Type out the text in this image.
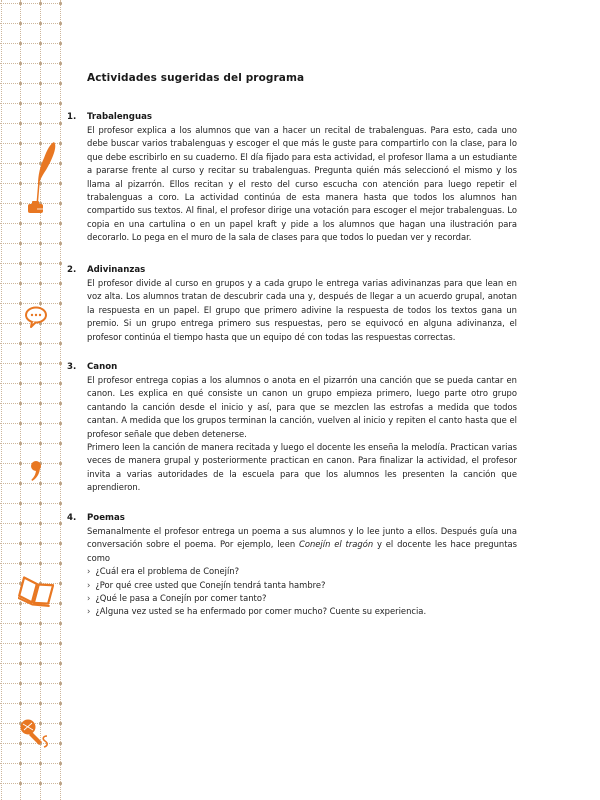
Actividades sugeridas del programa
1.	Trabalenguas

El profesor explica a los alumnos que van a hacer un recital de trabalenguas. Para esto, cada uno debe buscar varios trabalenguas y escoger el que más le guste para compartirlo con la clase, para lo que debe escribirlo en su cuaderno. El día fijado para esta actividad, el profesor llama a un estudiante a pararse frente al curso y recitar su trabalenguas. Pregunta quién más seleccionó el mismo y los llama al pizarrón. Ellos recitan y el resto del curso escucha con atención para luego repetir el trabalenguas a coro. La actividad continúa de esta manera hasta que todos los alumnos han compartido sus textos. Al final, el profesor dirige una votación para escoger el mejor trabalenguas. Lo copia en una cartulina o en un papel kraft y pide a los alumnos que hagan una ilustración para decorarlo. Lo pega en el muro de la sala de clases para que todos lo puedan ver y recordar.

2.	Adivinanzas

El profesor divide al curso en grupos y a cada grupo le entrega varias adivinanzas para que lean en voz alta. Los alumnos tratan de descubrir cada una y, después de llegar a un acuerdo grupal, anotan la respuesta en un papel. El grupo que primero adivine la respuesta de todos los textos gana un premio. Si un grupo entrega primero sus respuestas, pero se equivocó en alguna adivinanza, el profesor continúa el tiempo hasta que un equipo dé con todas las respuestas correctas.

3.	Canon

El profesor entrega copias a los alumnos o anota en el pizarrón una canción que se pueda cantar en canon. Les explica en qué consiste un canon un grupo empieza primero, luego parte otro grupo cantando la canción desde el inicio y así, para que se mezclen las estrofas a medida que todos cantan. A medida que los grupos terminan la canción, vuelven al inicio y repiten el canto hasta que el profesor señale que deben detenerse.

Primero leen la canción de manera recitada y luego el docente les enseña la melodía. Practican varias veces de manera grupal y posteriormente practican en canon. Para finalizar la actividad, el profesor invita a varias autoridades de la escuela para que los alumnos les presenten la canción que aprendieron.

4.	Poemas

Semanalmente el profesor entrega un poema a sus alumnos y lo lee junto a ellos. Después guía una conversación sobre el poema. Por ejemplo, leen Conejín el tragón y el docente les hace preguntas como

› ¿Cuál era el problema de Conejín?
› ¿Por qué cree usted que Conejín tendrá tanta hambre?
› ¿Qué le pasa a Conejín por comer tanto?
› ¿Alguna vez usted se ha enfermado por comer mucho? Cuente su experiencia.
